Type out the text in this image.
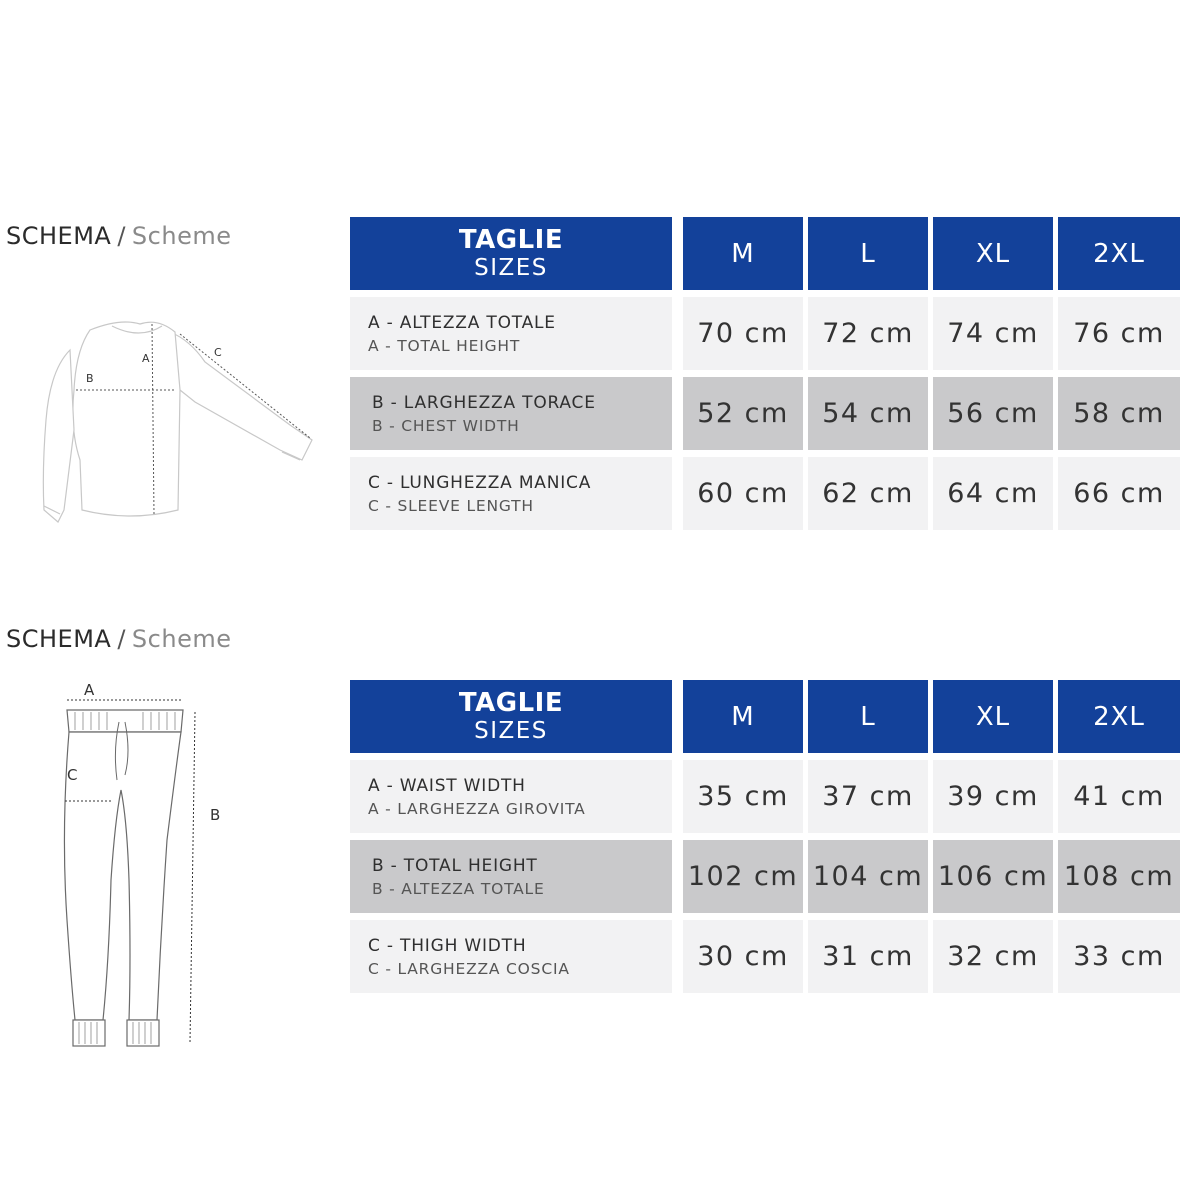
SCHEMA / Scheme
A
B
C
TAGLIE
SIZES	M	L	XL	2XL
A - ALTEZZA TOTALE
A - TOTAL HEIGHT	70 cm	72 cm	74 cm	76 cm
B - LARGHEZZA TORACE
B - CHEST WIDTH	52 cm	54 cm	56 cm	58 cm
C - LUNGHEZZA MANICA
C - SLEEVE LENGTH	60 cm	62 cm	64 cm	66 cm
SCHEMA / Scheme
A
B
C
TAGLIE
SIZES	M	L	XL	2XL
A - WAIST WIDTH
A - LARGHEZZA GIROVITA	35 cm	37 cm	39 cm	41 cm
B - TOTAL HEIGHT
B - ALTEZZA TOTALE	102 cm 104 cm 106 cm 108 cm
C - THIGH WIDTH
C - LARGHEZZA COSCIA	30 cm	31 cm	32 cm	33 cm
